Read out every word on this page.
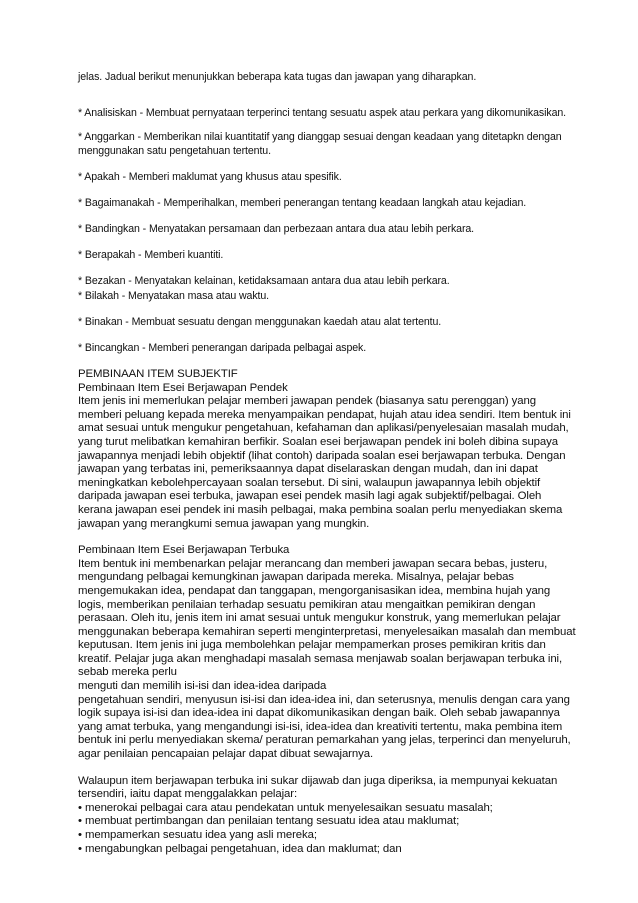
jelas. Jadual berikut menunjukkan beberapa kata tugas dan jawapan yang diharapkan.

* Analisiskan - Membuat pernyataan terperinci tentang sesuatu aspek atau perkara yang dikomunikasikan.

* Anggarkan - Memberikan nilai kuantitatif yang dianggap sesuai dengan keadaan yang ditetapkn dengan menggunakan satu pengetahuan tertentu.

* Apakah - Memberi maklumat yang khusus atau spesifik.

* Bagaimanakah - Memperihalkan, memberi penerangan tentang keadaan langkah atau kejadian.

* Bandingkan - Menyatakan persamaan dan perbezaan antara dua atau lebih perkara.

* Berapakah - Memberi kuantiti.

* Bezakan - Menyatakan kelainan, ketidaksamaan antara dua atau lebih perkara.

* Bilakah - Menyatakan masa atau waktu.

* Binakan - Membuat sesuatu dengan menggunakan kaedah atau alat tertentu.

* Bincangkan - Memberi penerangan daripada pelbagai aspek.

PEMBINAAN ITEM SUBJEKTIF

Pembinaan Item Esei Berjawapan Pendek

Item jenis ini memerlukan pelajar memberi jawapan pendek (biasanya satu perenggan) yang memberi peluang kepada mereka menyampaikan pendapat, hujah atau idea sendiri. Item bentuk ini amat sesuai untuk mengukur pengetahuan, kefahaman dan aplikasi/penyelesaian masalah mudah, yang turut melibatkan kemahiran berfikir. Soalan esei berjawapan pendek ini boleh dibina supaya jawapannya menjadi lebih objektif (lihat contoh) daripada soalan esei berjawapan terbuka. Dengan jawapan yang terbatas ini, pemeriksaannya dapat diselaraskan dengan mudah, dan ini dapat meningkatkan kebolehpercayaan soalan tersebut. Di sini, walaupun jawapannya lebih objektif daripada jawapan esei terbuka, jawapan esei pendek masih lagi agak subjektif/pelbagai. Oleh kerana jawapan esei pendek ini masih pelbagai, maka pembina soalan perlu menyediakan skema jawapan yang merangkumi semua jawapan yang mungkin.

Pembinaan Item Esei Berjawapan Terbuka

Item bentuk ini membenarkan pelajar merancang dan memberi jawapan secara bebas, justeru, mengundang pelbagai kemungkinan jawapan daripada mereka. Misalnya, pelajar bebas mengemukakan idea, pendapat dan tanggapan, mengorganisasikan idea, membina hujah yang logis, memberikan penilaian terhadap sesuatu pemikiran atau mengaitkan pemikiran dengan perasaan. Oleh itu, jenis item ini amat sesuai untuk mengukur konstruk, yang memerlukan pelajar menggunakan beberapa kemahiran seperti menginterpretasi, menyelesaikan masalah dan membuat keputusan. Item jenis ini juga membolehkan pelajar mempamerkan proses pemikiran kritis dan kreatif. Pelajar juga akan menghadapi masalah semasa menjawab soalan berjawapan terbuka ini, sebab mereka perlu

menguti dan memilih isi-isi dan idea-idea daripada

pengetahuan sendiri, menyusun isi-isi dan idea-idea ini, dan seterusnya, menulis dengan cara yang logik supaya isi-isi dan idea-idea ini dapat dikomunikasikan dengan baik. Oleh sebab jawapannya yang amat terbuka, yang mengandungi isi-isi, idea-idea dan kreativiti tertentu, maka pembina item bentuk ini perlu menyediakan skema/ peraturan pemarkahan yang jelas, terperinci dan menyeluruh, agar penilaian pencapaian pelajar dapat dibuat sewajarnya.

Walaupun item berjawapan terbuka ini sukar dijawab dan juga diperiksa, ia mempunyai kekuatan tersendiri, iaitu dapat menggalakkan pelajar:

• menerokai pelbagai cara atau pendekatan untuk menyelesaikan sesuatu masalah;
• membuat pertimbangan dan penilaian tentang sesuatu idea atau maklumat;
• mempamerkan sesuatu idea yang asli mereka;
• mengabungkan pelbagai pengetahuan, idea dan maklumat; dan
